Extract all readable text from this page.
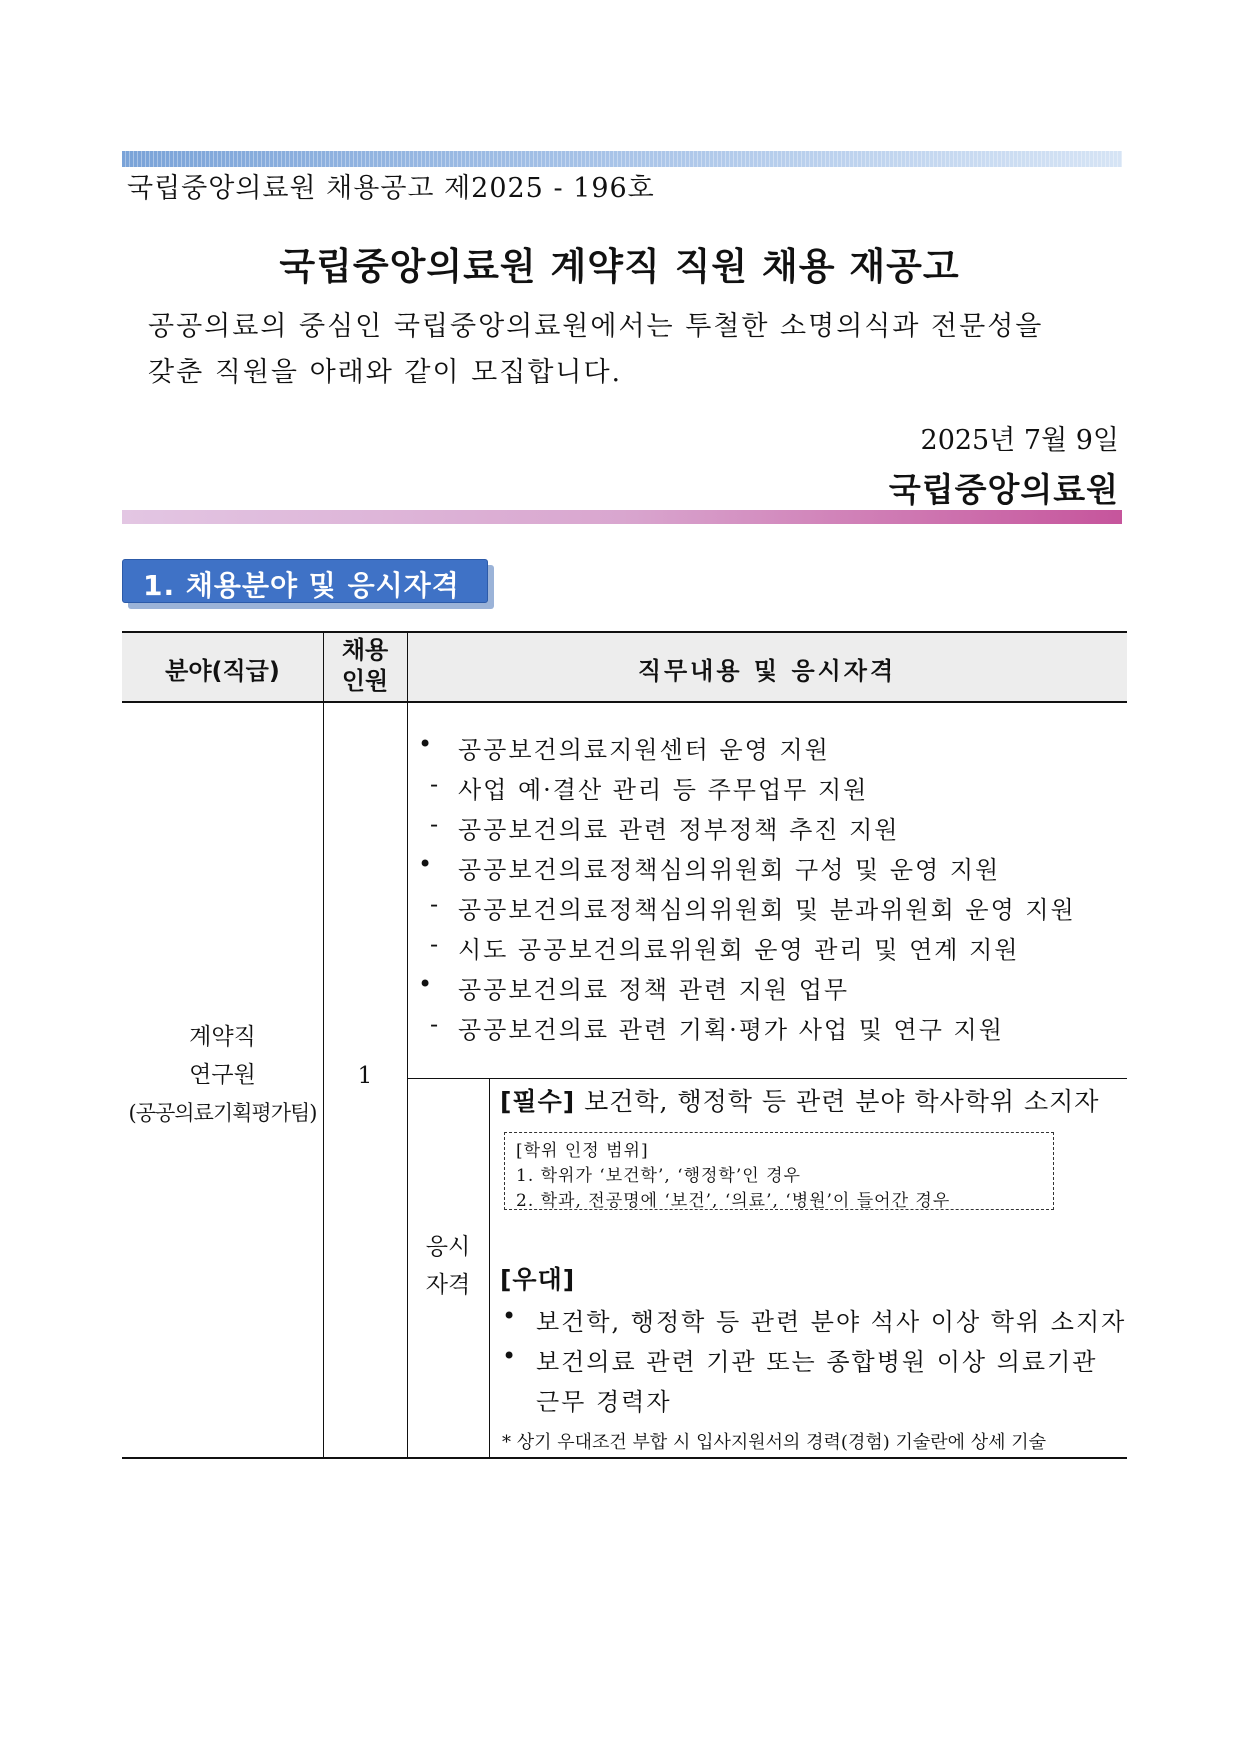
국립중앙의료원 채용공고 제2025 - 196호
국립중앙의료원 계약직 직원 채용 재공고
공공의료의 중심인 국립중앙의료원에서는 투철한 소명의식과 전문성을
갖춘 직원을 아래와 같이 모집합니다.
2025년 7월 9일
국립중앙의료원
1. 채용분야 및 응시자격
분야(직급)
채용
인원	직무내용 및 응시자격
계약직
연구원
(공공의료기획평가팀)
1
• 공공보건의료지원센터 운영 지원
- 사업 예·결산 관리 등 주무업무 지원
- 공공보건의료 관련 정부정책 추진 지원
• 공공보건의료정책심의위원회 구성 및 운영 지원
- 공공보건의료정책심의위원회 및 분과위원회 운영 지원
- 시도 공공보건의료위원회 운영 관리 및 연계 지원
• 공공보건의료 정책 관련 지원 업무
- 공공보건의료 관련 기획·평가 사업 및 연구 지원
응시
자격
[필수] 보건학, 행정학 등 관련 분야 학사학위 소지자
[학위 인정 범위]
1. 학위가 ‘보건학’, ‘행정학’인 경우
2. 학과, 전공명에 ‘보건’, ‘의료’, ‘병원’이 들어간 경우
[우대]
• 보건학, 행정학 등 관련 분야 석사 이상 학위 소지자
• 보건의료 관련 기관 또는 종합병원 이상 의료기관
근무 경력자
* 상기 우대조건 부합 시 입사지원서의 경력(경험) 기술란에 상세 기술
